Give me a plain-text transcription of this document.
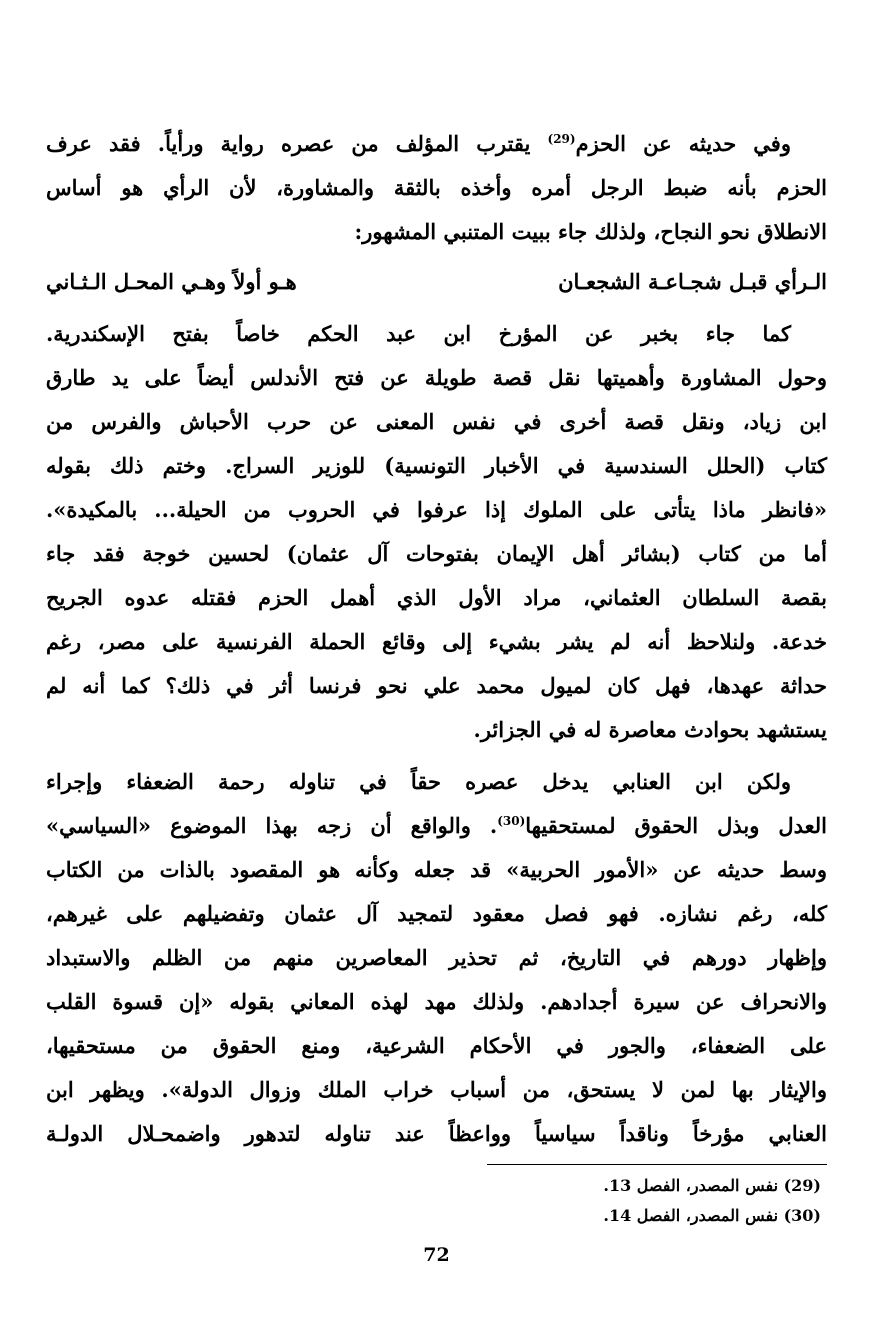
وفي حديثه عن الحزم$^{(29)}$ يقترب المؤلف من عصره رواية ورأياً. فقد عرف
الحزم بأنه ضبط الرجل أمره وأخذه بالثقة والمشاورة، لأن الرأي هو أساس
الانطلاق نحو النجاح، ولذلك جاء ببيت المتنبي المشهور:

الـرأي قبـل شجـاعـة الشجعـان
هـو أولاً وهـي المحـل الـثـاني

كما جاء بخبر عن المؤرخ ابن عبد الحكم خاصاً بفتح الإسكندرية.
وحول المشاورة وأهميتها نقل قصة طويلة عن فتح الأندلس أيضاً على يد طارق
ابن زياد، ونقل قصة أخرى في نفس المعنى عن حرب الأحباش والفرس من
كتاب (الحلل السندسية في الأخبار التونسية) للوزير السراج. وختم ذلك بقوله
«فانظر ماذا يتأتى على الملوك إذا عرفوا في الحروب من الحيلة... بالمكيدة».
أما من كتاب (بشائر أهل الإيمان بفتوحات آل عثمان) لحسين خوجة فقد جاء
بقصة السلطان العثماني، مراد الأول الذي أهمل الحزم فقتله عدوه الجريح
خدعة. ولنلاحظ أنه لم يشر بشيء إلى وقائع الحملة الفرنسية على مصر، رغم
حداثة عهدها، فهل كان لميول محمد علي نحو فرنسا أثر في ذلك؟ كما أنه لم
يستشهد بحوادث معاصرة له في الجزائر.

ولكن ابن العنابي يدخل عصره حقاً في تناوله رحمة الضعفاء وإجراء
العدل وبذل الحقوق لمستحقيها$^{(30)}$. والواقع أن زجه بهذا الموضوع «السياسي»
وسط حديثه عن «الأمور الحربية» قد جعله وكأنه هو المقصود بالذات من الكتاب
كله، رغم نشازه. فهو فصل معقود لتمجيد آل عثمان وتفضيلهم على غيرهم،
وإظهار دورهم في التاريخ، ثم تحذير المعاصرين منهم من الظلم والاستبداد
والانحراف عن سيرة أجدادهم. ولذلك مهد لهذه المعاني بقوله «إن قسوة القلب
على الضعفاء، والجور في الأحكام الشرعية، ومنع الحقوق من مستحقيها،
والإيثار بها لمن لا يستحق، من أسباب خراب الملك وزوال الدولة». ويظهر ابن
العنابي مؤرخاً وناقداً سياسياً وواعظاً عند تناوله لتدهور واضمحـلال الدولـة

(29) نفس المصدر، الفصل 13.

(30) نفس المصدر، الفصل 14.

72
